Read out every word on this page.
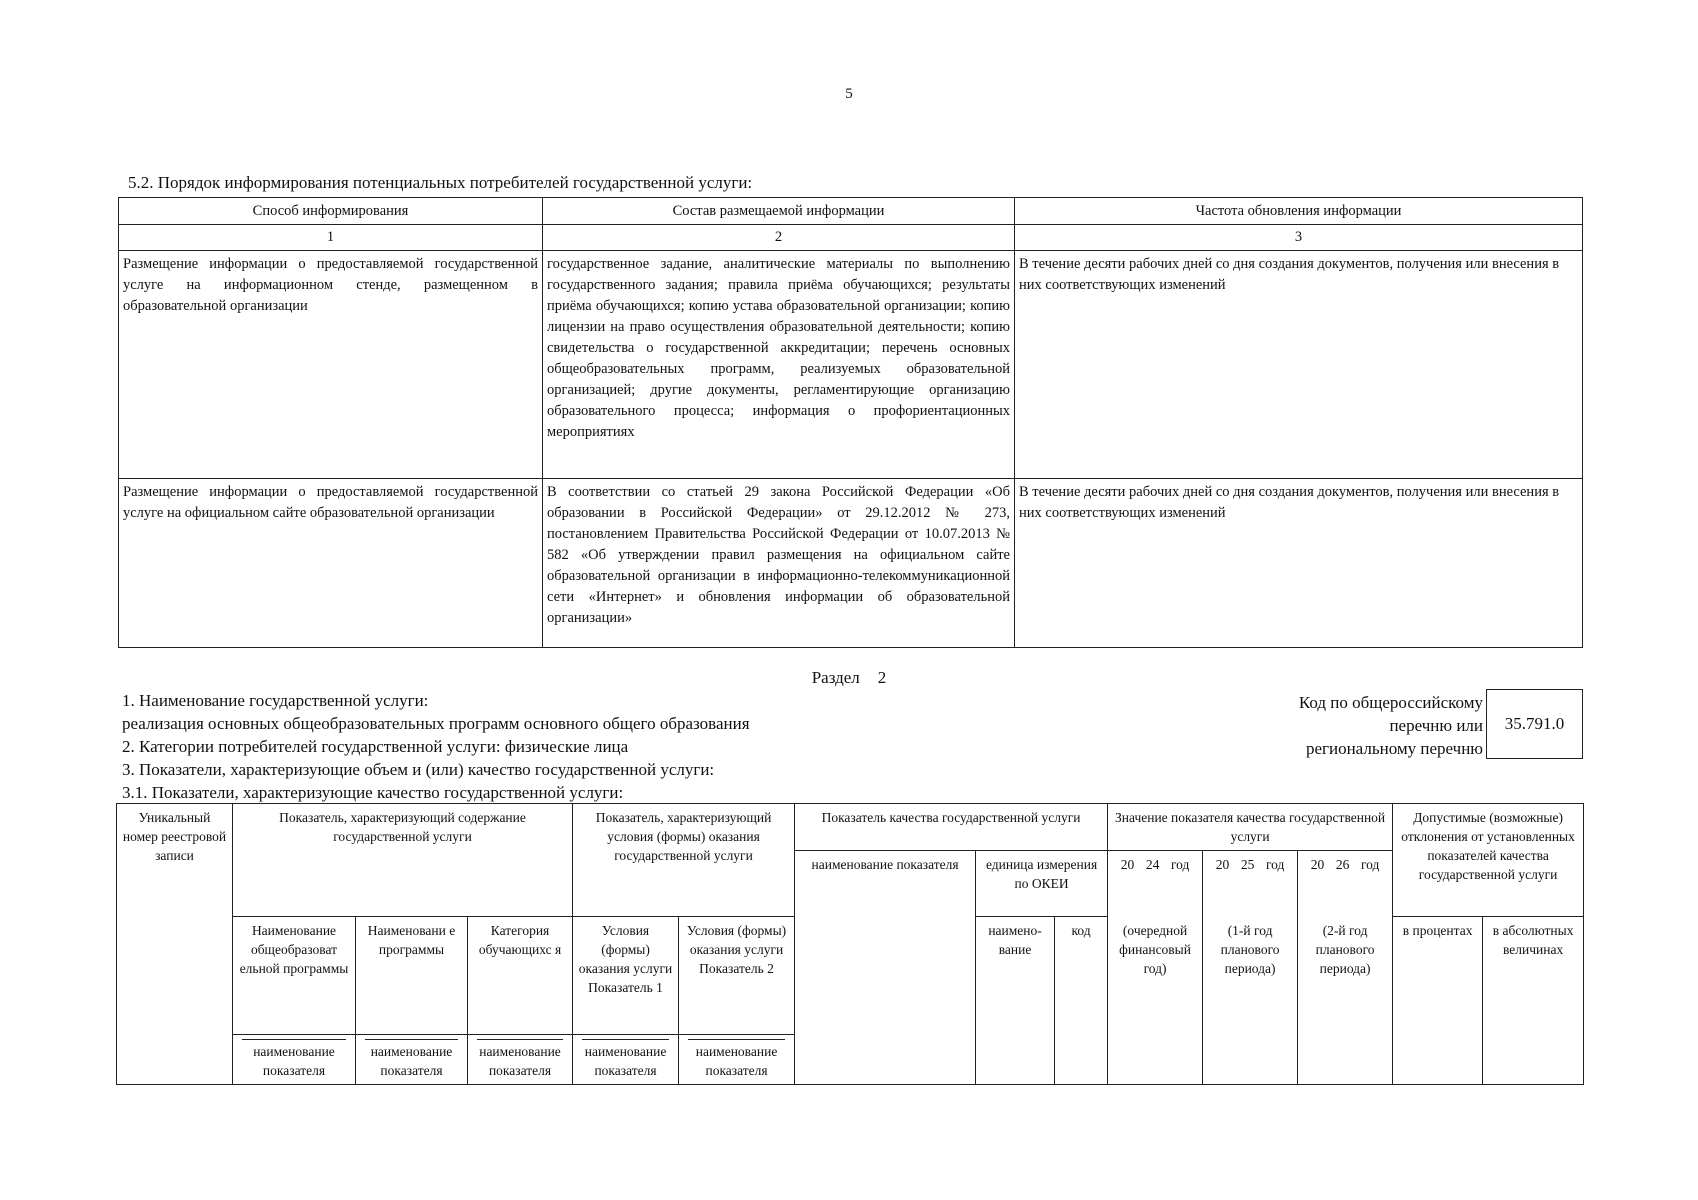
5
5.2. Порядок информирования потенциальных потребителей государственной услуги:
Способ информирования	Состав размещаемой информации	Частота обновления информации
1	2	3
Размещение информации о предоставляемой государственной услуге на информационном стенде, размещенном в образовательной организации	государственное задание, аналитические материалы по выполнению государственного задания; правила приёма обучающихся; результаты приёма обучающихся; копию устава образовательной организации; копию лицензии на право осуществления образовательной деятельности; копию свидетельства о государственной аккредитации; перечень основных общеобразовательных программ, реализуемых образовательной организацией; другие документы, регламентирующие организацию образовательного процесса; информация о профориентационных мероприятиях	В течение десяти рабочих дней со дня создания документов, получения или внесения в них соответствующих изменений
Размещение информации о предоставляемой государственной услуге на официальном сайте образовательной организации	В соответствии со статьей 29 закона Российской Федерации «Об образовании в Российской Федерации» от 29.12.2012 № 273, постановлением Правительства Российской Федерации от 10.07.2013 № 582 «Об утверждении правил размещения на официальном сайте образовательной организации в информационно-телекоммуникационной сети «Интернет» и обновления информации об образовательной организации»	В течение десяти рабочих дней со дня создания документов, получения или внесения в них соответствующих изменений
Раздел 2
1. Наименование государственной услуги:
реализация основных общеобразовательных программ основного общего образования
2. Категории потребителей государственной услуги: физические лица
3. Показатели, характеризующие объем и (или) качество государственной услуги:
3.1. Показатели, характеризующие качество государственной услуги:
Код по общероссийскому
перечню или
региональному перечню
35.791.0
Уникальный номер реестровой записи	Показатель, характеризующий содержание государственной услуги			Показатель, характеризующий условия (формы) оказания государственной услуги		Показатель качества государственной услуги			Значение показателя качества государственной услуги			Допустимые (возможные) отклонения от установленных показателей качества государственной услуги	
						наименование показателя	единица измерения по ОКЕИ		20 24 год	20 25 год	20 26 год		
	Наименование общеобразоват ельной программы	Наименовани е программы	Категория обучающихс я	Условия (формы) оказания услуги Показатель 1	Условия (формы) оказания услуги Показатель 2		наимено-вание	код	(очередной финансовый год)	(1-й год планового периода)	(2-й год планового периода)	в процентах	в абсолютных величинах

	наименование показателя	наименование показателя	наименование показателя	наименование показателя	наименование показателя								
